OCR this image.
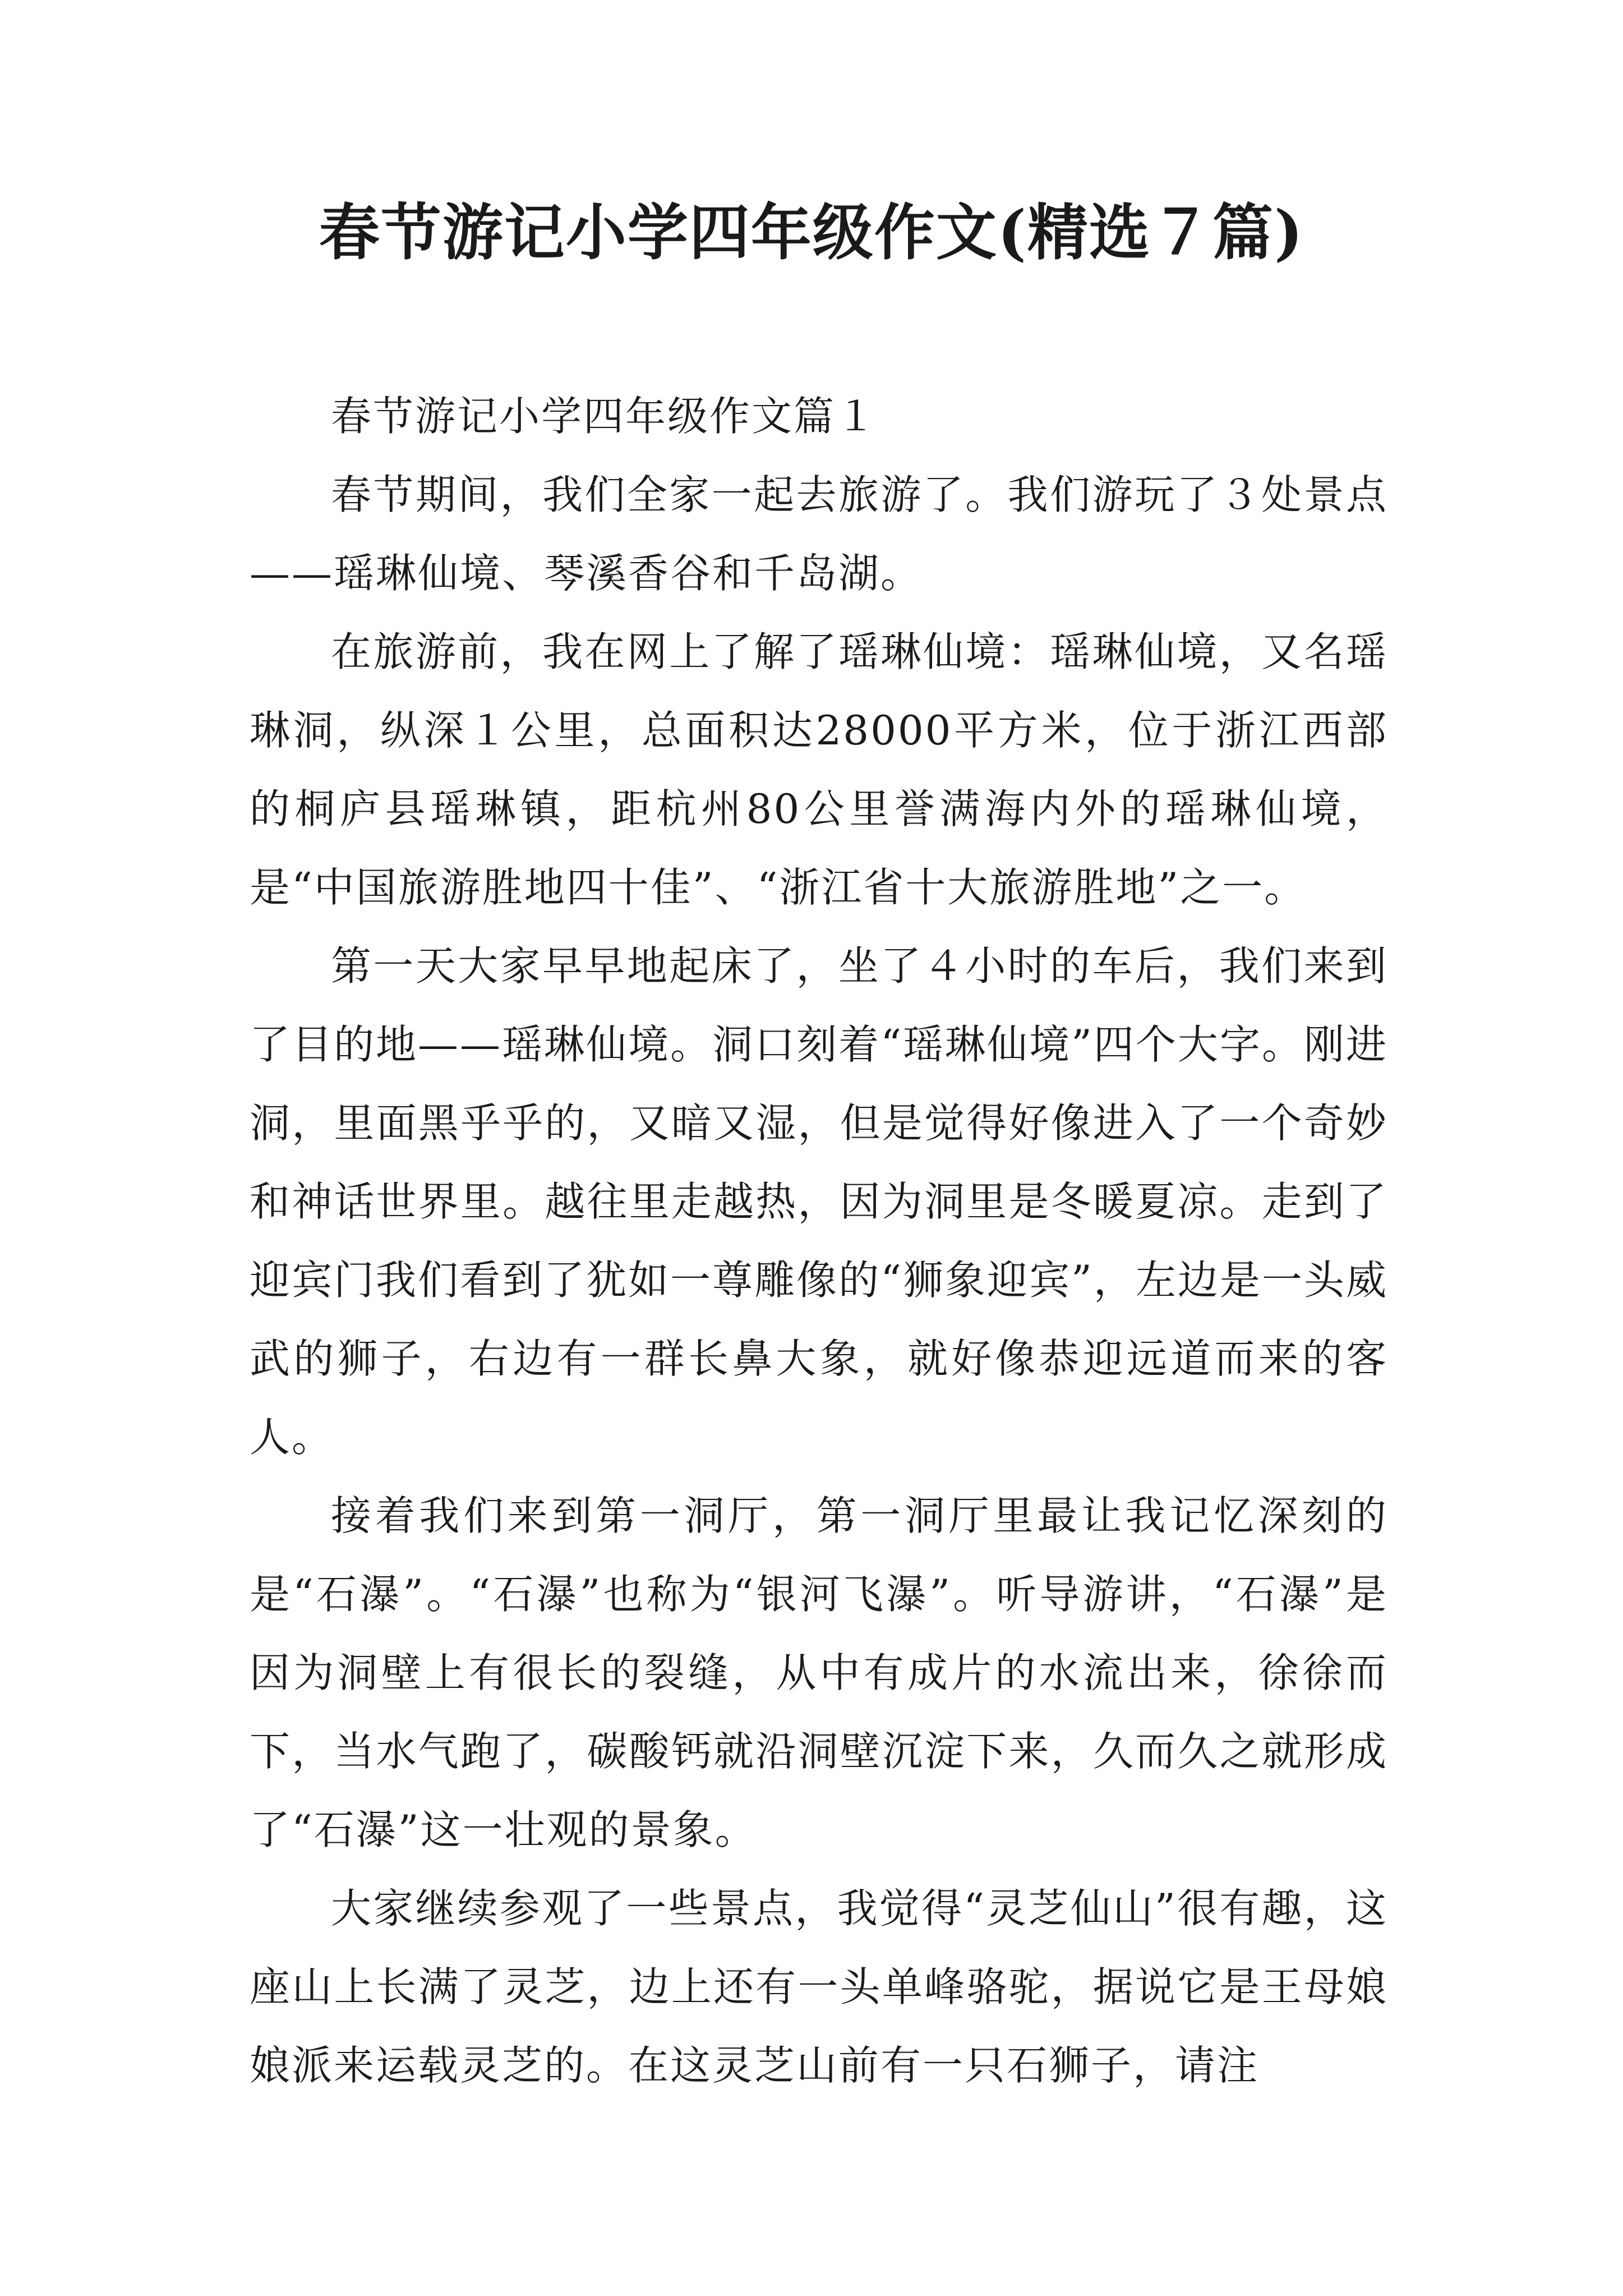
春节游记小学四年级作文(精选７篇)

春节游记小学四年级作文篇１

春节期间，我们全家一起去旅游了。我们游玩了３处景点——瑶琳仙境、琴溪香谷和千岛湖。

在旅游前，我在网上了解了瑶琳仙境：瑶琳仙境，又名瑶琳洞，纵深１公里，总面积达28000平方米，位于浙江西部的桐庐县瑶琳镇，距杭州80公里誉满海内外的瑶琳仙境，是“中国旅游胜地四十佳”、“浙江省十大旅游胜地”之一。

第一天大家早早地起床了，坐了４小时的车后，我们来到了目的地——瑶琳仙境。洞口刻着“瑶琳仙境”四个大字。刚进洞，里面黑乎乎的，又暗又湿，但是觉得好像进入了一个奇妙和神话世界里。越往里走越热，因为洞里是冬暖夏凉。走到了迎宾门我们看到了犹如一尊雕像的“狮象迎宾”，左边是一头威武的狮子，右边有一群长鼻大象，就好像恭迎远道而来的客人。

接着我们来到第一洞厅，第一洞厅里最让我记忆深刻的是“石瀑”。“石瀑”也称为“银河飞瀑”。听导游讲，“石瀑”是因为洞壁上有很长的裂缝，从中有成片的水流出来，徐徐而下，当水气跑了，碳酸钙就沿洞壁沉淀下来，久而久之就形成了“石瀑”这一壮观的景象。

大家继续参观了一些景点，我觉得“灵芝仙山”很有趣，这座山上长满了灵芝，边上还有一头单峰骆驼，据说它是王母娘娘派来运载灵芝的。在这灵芝山前有一只石狮子，请注
